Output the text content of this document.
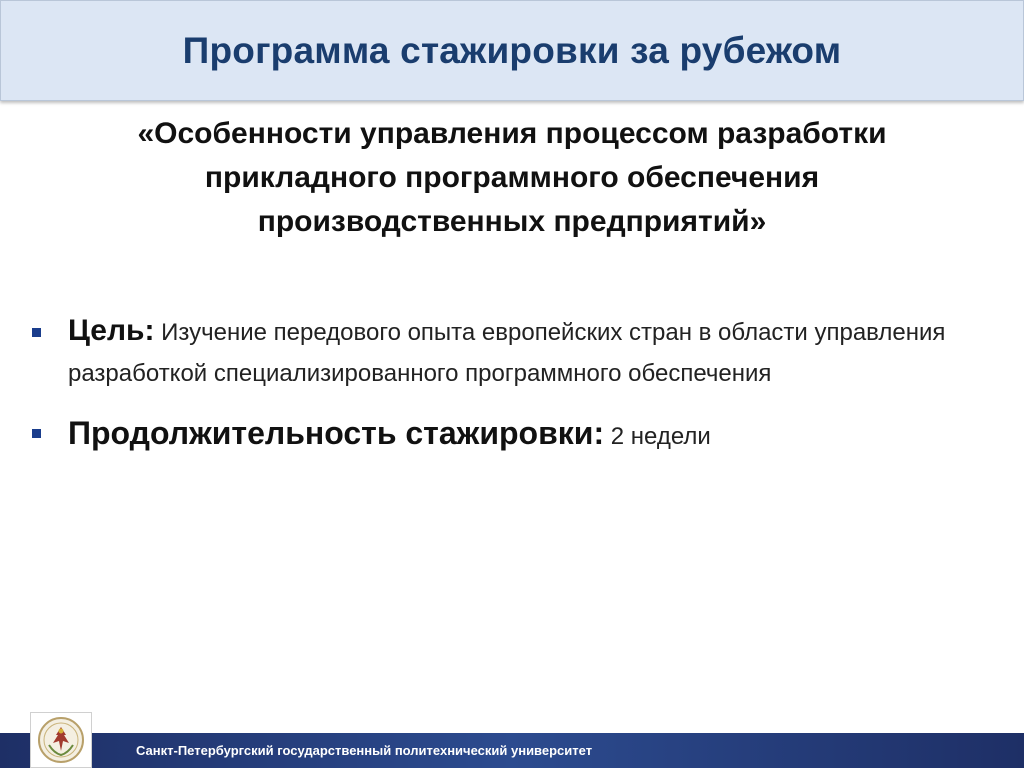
Программа стажировки за рубежом
«Особенности управления процессом разработки прикладного программного обеспечения производственных предприятий»
Цель: Изучение передового опыта европейских стран в области управления разработкой специализированного программного обеспечения
Продолжительность стажировки: 2 недели
Санкт-Петербургский государственный политехнический университет
